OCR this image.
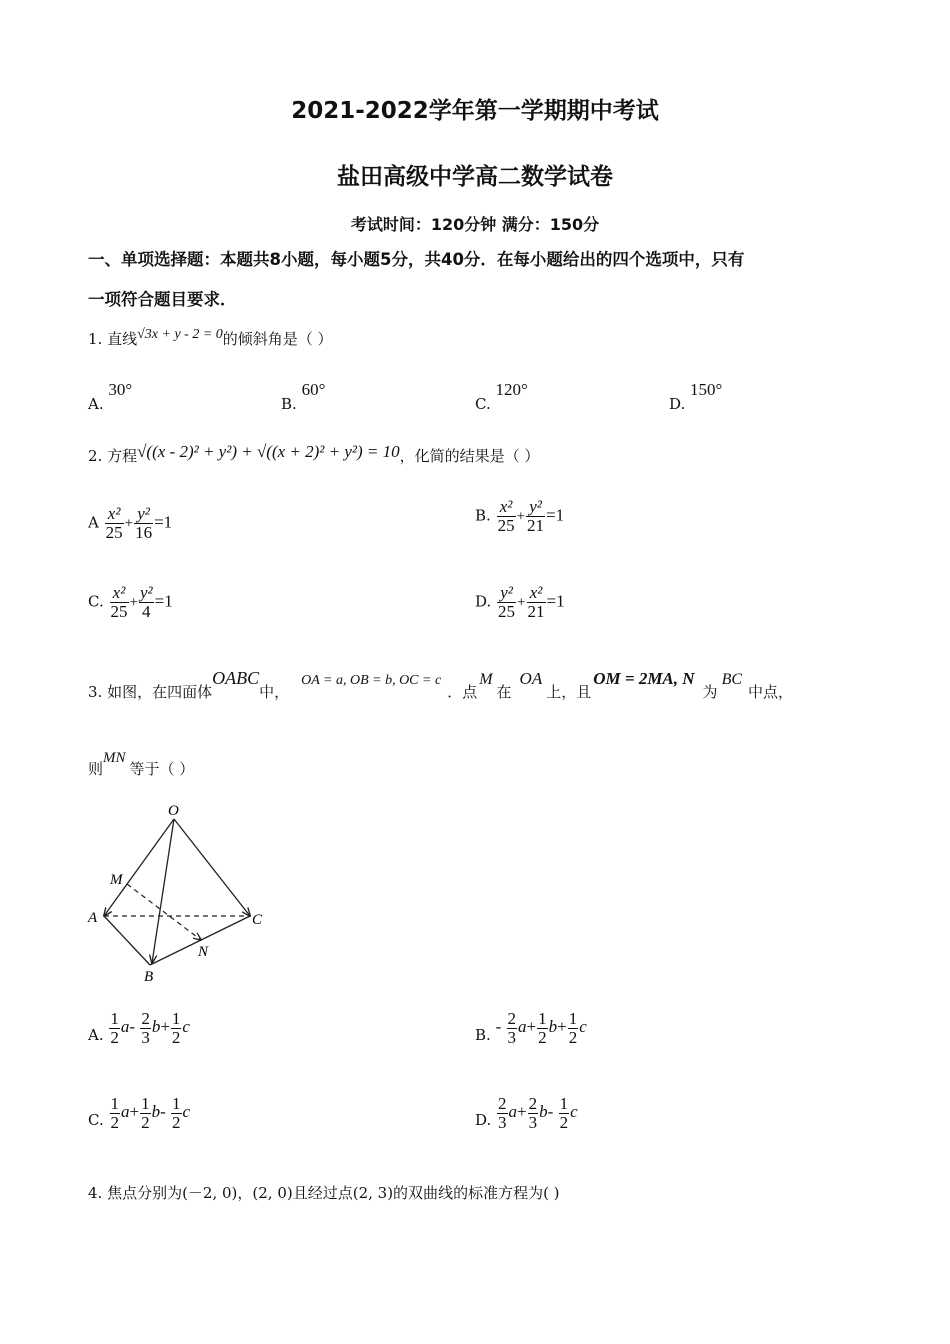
2021-2022学年第一学期期中考试
盐田高级中学高二数学试卷
考试时间：120分钟 满分：150分
一、单项选择题：本题共8小题，每小题5分，共40分．在每小题给出的四个选项中，只有
一项符合题目要求．
1. 直线√3x + y - 2 = 0的倾斜角是（ ）
A. 30°
B. 60°
C. 120°
D. 150°
2. 方程√((x - 2)² + y²) + √((x + 2)² + y²) = 10，化简的结果是（ ）
A $\frac{\text{x²}}{25} + \frac{\text{y²}}{16} =1$	B. $\frac{\text{x²}}{25} + \frac{\text{y²}}{21} =1$
C. $\frac{\text{x²}}{25} + \frac{\text{y²}}{4} =1$	D. $\frac{\text{y²}}{25} + \frac{\text{x²}}{21} =1$
3. 如图，在四面体OABC中，OA = a, OB = b, OC = c．点M在OA上，且OM = 2MA, N为BC中点，
则MN等于（ ）
O
M
A	C
N
B
A. $\frac{1}{2} a- \frac{2}{3} b+ \frac{1}{2}$ c	B. - $\frac{2}{3} a+ \frac{1}{2} b+ \frac{1}{2}$ c
C. $\frac{1}{2} a+ \frac{1}{2} b- \frac{1}{2}$ c	D. $\frac{2}{3} a+ \frac{2}{3} b- \frac{1}{2}$ c
4. 焦点分别为(－2, 0)，(2, 0)且经过点(2, 3)的双曲线的标准方程为( )
